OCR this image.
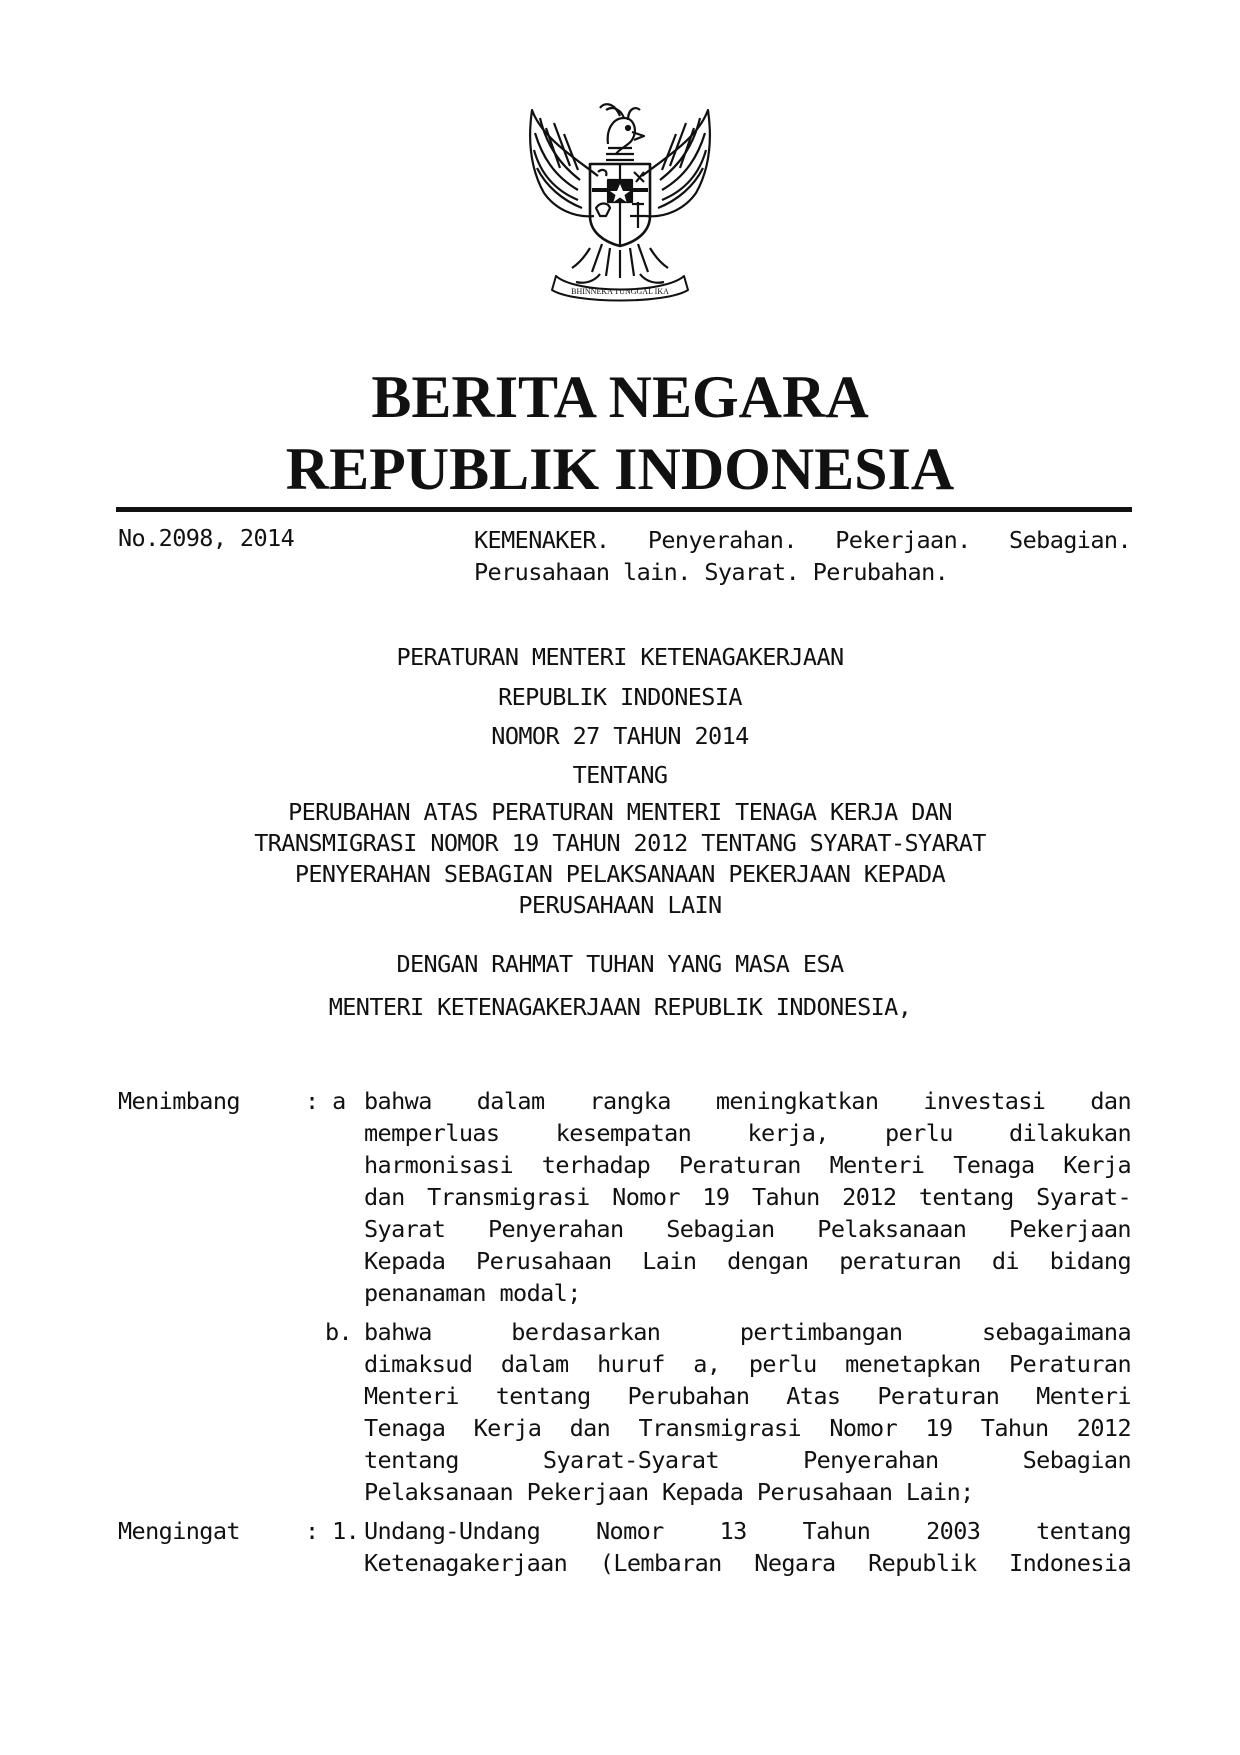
BHINNEKA TUNGGAL IKA
BERITA NEGARA
REPUBLIK INDONESIA
No.2098, 2014	KEMENAKER. Penyerahan. Pekerjaan. Sebagian.
Perusahaan lain. Syarat. Perubahan.
PERATURAN MENTERI KETENAGAKERJAAN
REPUBLIK INDONESIA
NOMOR 27 TAHUN 2014
TENTANG
PERUBAHAN ATAS PERATURAN MENTERI TENAGA KERJA DAN
TRANSMIGRASI NOMOR 19 TAHUN 2012 TENTANG SYARAT-SYARAT
PENYERAHAN SEBAGIAN PELAKSANAAN PEKERJAAN KEPADA
PERUSAHAAN LAIN
DENGAN RAHMAT TUHAN YANG MASA ESA
MENTERI KETENAGAKERJAAN REPUBLIK INDONESIA,
Menimbang	: a bahwa dalam rangka meningkatkan investasi dan
memperluas kesempatan kerja, perlu dilakukan
harmonisasi terhadap Peraturan Menteri Tenaga Kerja
dan Transmigrasi Nomor 19 Tahun 2012 tentang Syarat-
Syarat Penyerahan Sebagian Pelaksanaan Pekerjaan
Kepada Perusahaan Lain dengan peraturan di bidang
penanaman modal;
b. bahwa berdasarkan pertimbangan sebagaimana
dimaksud dalam huruf a, perlu menetapkan Peraturan
Menteri tentang Perubahan Atas Peraturan Menteri
Tenaga Kerja dan Transmigrasi Nomor 19 Tahun 2012
tentang Syarat-Syarat Penyerahan Sebagian
Pelaksanaan Pekerjaan Kepada Perusahaan Lain;
Mengingat	: 1. Undang-Undang Nomor 13 Tahun 2003 tentang
Ketenagakerjaan (Lembaran Negara Republik Indonesia
